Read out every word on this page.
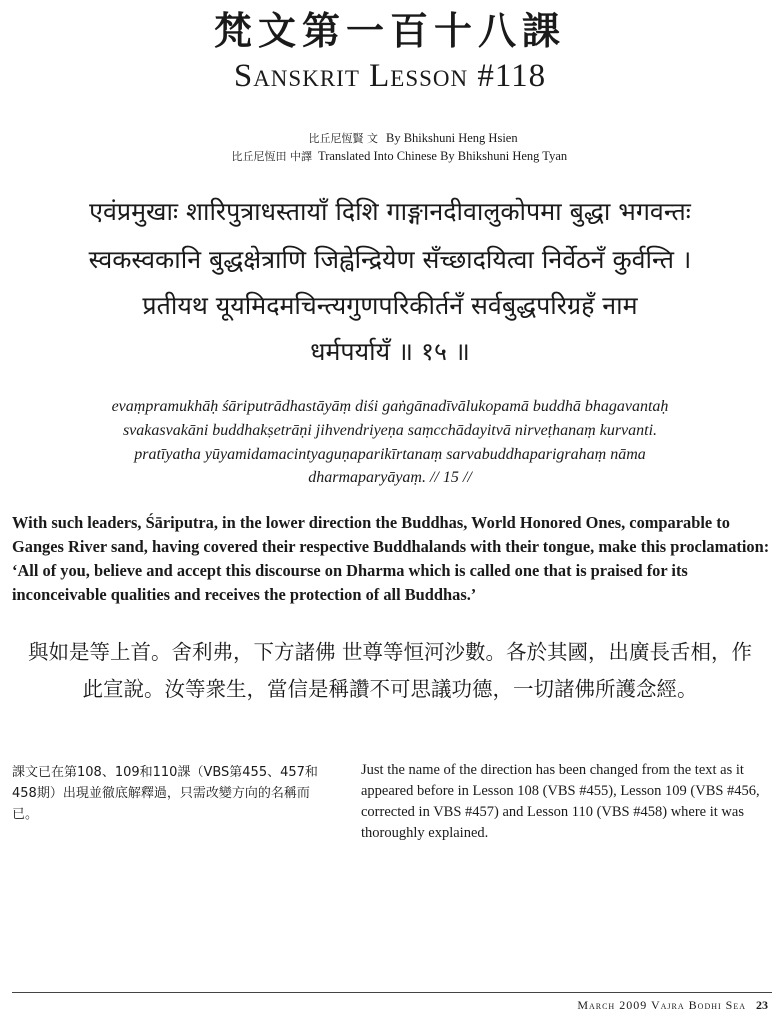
梵文第一百十八課
Sanskrit Lesson #118
比丘尼恆賢 文 By Bhikshuni Heng Hsien
比丘尼恆田 中譯 Translated Into Chinese By Bhikshuni Heng Tyan
एवंप्रमुखाः शारिपुत्राधस्तायाँ दिशि गाङ्गानदीवालुकोपमा बुद्धा भगवन्तः
स्वकस्वकानि बुद्धक्षेत्राणि जिह्वेन्द्रियेण सँच्छादयित्वा निर्वेठनँ कुर्वन्ति ।
प्रतीयथ यूयमिदमचिन्त्यगुणपरिकीर्तनँ सर्वबुद्धपरिग्रहँ नाम
धर्मपर्यायँ ॥ १५ ॥
evaṃpramukhāḥ śāriputrādhastāyāṃ diśi gaṅgānadīvālukopamā buddhā bhagavantaḥ
svakasvakāni buddhakṣetrāṇi jihvendriyeṇa saṃcchādayitvā nirveṭhanaṃ kurvanti.
pratīyatha yūyamidamacintyaguṇaparikīrtanaṃ sarvabuddhaparigrahaṃ nāma
dharmaparyāyaṃ. // 15 //
With such leaders, Śāriputra, in the lower direction the Buddhas, World Honored Ones, comparable to Ganges River sand, having covered their respective Buddhalands with their tongue, make this proclamation: ‘All of you, believe and accept this discourse on Dharma which is called one that is praised for its inconceivable qualities and receives the protection of all Buddhas.’
與如是等上首。舍利弗，下方諸佛 世尊等恒河沙數。各於其國，出廣長舌相，作
此宣說。汝等衆生，當信是稱讚不可思議功德，一切諸佛所護念經。
課文已在第108、109和110課（VBS第455、457和458期）出現並徹底解釋過，只需改變方向的名稱而已。
Just the name of the direction has been changed from the text as it appeared before in Lesson 108 (VBS #455), Lesson 109 (VBS #456, corrected in VBS #457) and Lesson 110 (VBS #458) where it was thoroughly explained.
March 2009 Vajra Bodhi Sea 23
